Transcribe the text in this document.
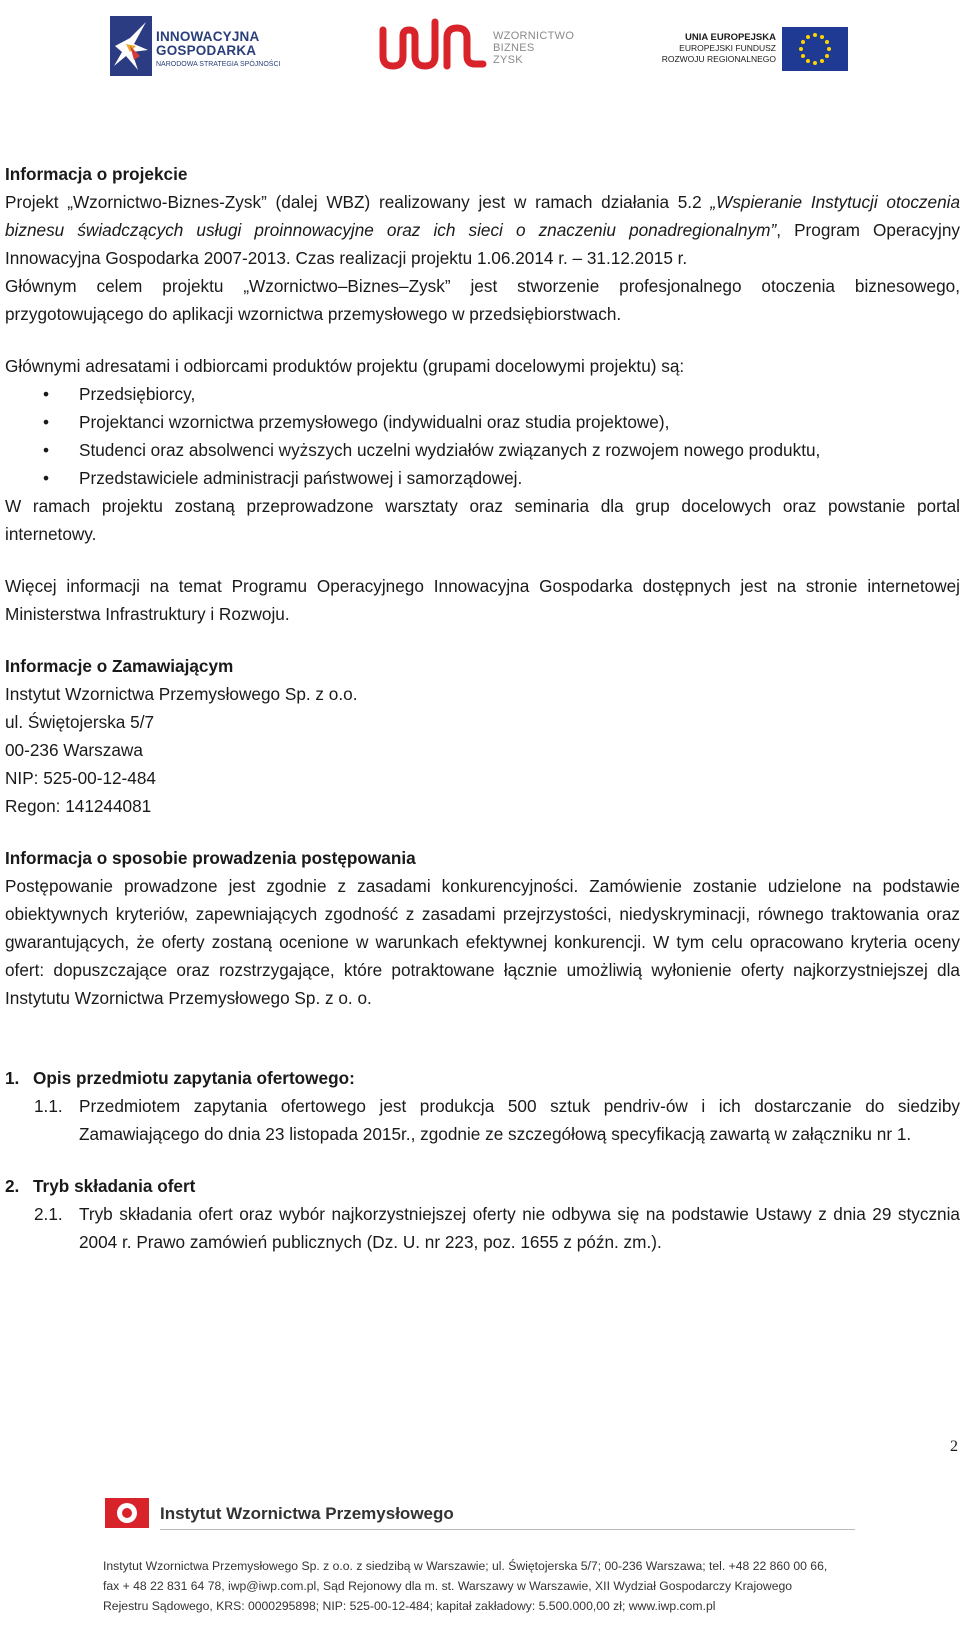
INNOWACYJNA
GOSPODARKA
NARODOWA STRATEGIA SPÓJNOŚCI
WZORNICTWO
BIZNES
ZYSK
UNIA EUROPEJSKA
EUROPEJSKI FUNDUSZ
ROZWOJU REGIONALNEGO

Informacja o projekcie

Projekt „Wzornictwo-Biznes-Zysk” (dalej WBZ) realizowany jest w ramach działania 5.2 „Wspieranie Instytucji otoczenia biznesu świadczących usługi proinnowacyjne oraz ich sieci o znaczeniu ponadregionalnym”, Program Operacyjny Innowacyjna Gospodarka 2007-2013. Czas realizacji projektu 1.06.2014 r. – 31.12.2015 r.

Głównym celem projektu „Wzornictwo–Biznes–Zysk” jest stworzenie profesjonalnego otoczenia biznesowego, przygotowującego do aplikacji wzornictwa przemysłowego w przedsiębiorstwach.

Głównymi adresatami i odbiorcami produktów projektu (grupami docelowymi projektu) są:

• Przedsiębiorcy,
• Projektanci wzornictwa przemysłowego (indywidualni oraz studia projektowe),
• Studenci oraz absolwenci wyższych uczelni wydziałów związanych z rozwojem nowego produktu,
• Przedstawiciele administracji państwowej i samorządowej.

W ramach projektu zostaną przeprowadzone warsztaty oraz seminaria dla grup docelowych oraz powstanie portal internetowy.

Więcej informacji na temat Programu Operacyjnego Innowacyjna Gospodarka dostępnych jest na stronie internetowej Ministerstwa Infrastruktury i Rozwoju.

Informacje o Zamawiającym

Instytut Wzornictwa Przemysłowego Sp. z o.o.

ul. Świętojerska 5/7

00-236 Warszawa

NIP: 525-00-12-484

Regon: 141244081

Informacja o sposobie prowadzenia postępowania

Postępowanie prowadzone jest zgodnie z zasadami konkurencyjności. Zamówienie zostanie udzielone na podstawie obiektywnych kryteriów, zapewniających zgodność z zasadami przejrzystości, niedyskryminacji, równego traktowania oraz gwarantujących, że oferty zostaną ocenione w warunkach efektywnej konkurencji. W tym celu opracowano kryteria oceny ofert: dopuszczające oraz rozstrzygające, które potraktowane łącznie umożliwią wyłonienie oferty najkorzystniejszej dla Instytutu Wzornictwa Przemysłowego Sp. z o. o.

1. Opis przedmiotu zapytania ofertowego:

1.1. Przedmiotem zapytania ofertowego jest produkcja 500 sztuk pendriv-ów i ich dostarczanie do siedziby Zamawiającego do dnia 23 listopada 2015r., zgodnie ze szczegółową specyfikacją zawartą w załączniku nr 1.

2. Tryb składania ofert

2.1. Tryb składania ofert oraz wybór najkorzystniejszej oferty nie odbywa się na podstawie Ustawy z dnia 29 stycznia 2004 r. Prawo zamówień publicznych (Dz. U. nr 223, poz. 1655 z późn. zm.).
2
Instytut Wzornictwa Przemysłowego
Instytut Wzornictwa Przemysłowego Sp. z o.o. z siedzibą w Warszawie; ul. Świętojerska 5/7; 00-236 Warszawa; tel. +48 22 860 00 66,
fax + 48 22 831 64 78, iwp@iwp.com.pl, Sąd Rejonowy dla m. st. Warszawy w Warszawie, XII Wydział Gospodarczy Krajowego
Rejestru Sądowego, KRS: 0000295898; NIP: 525-00-12-484; kapitał zakładowy: 5.500.000,00 zł; www.iwp.com.pl
